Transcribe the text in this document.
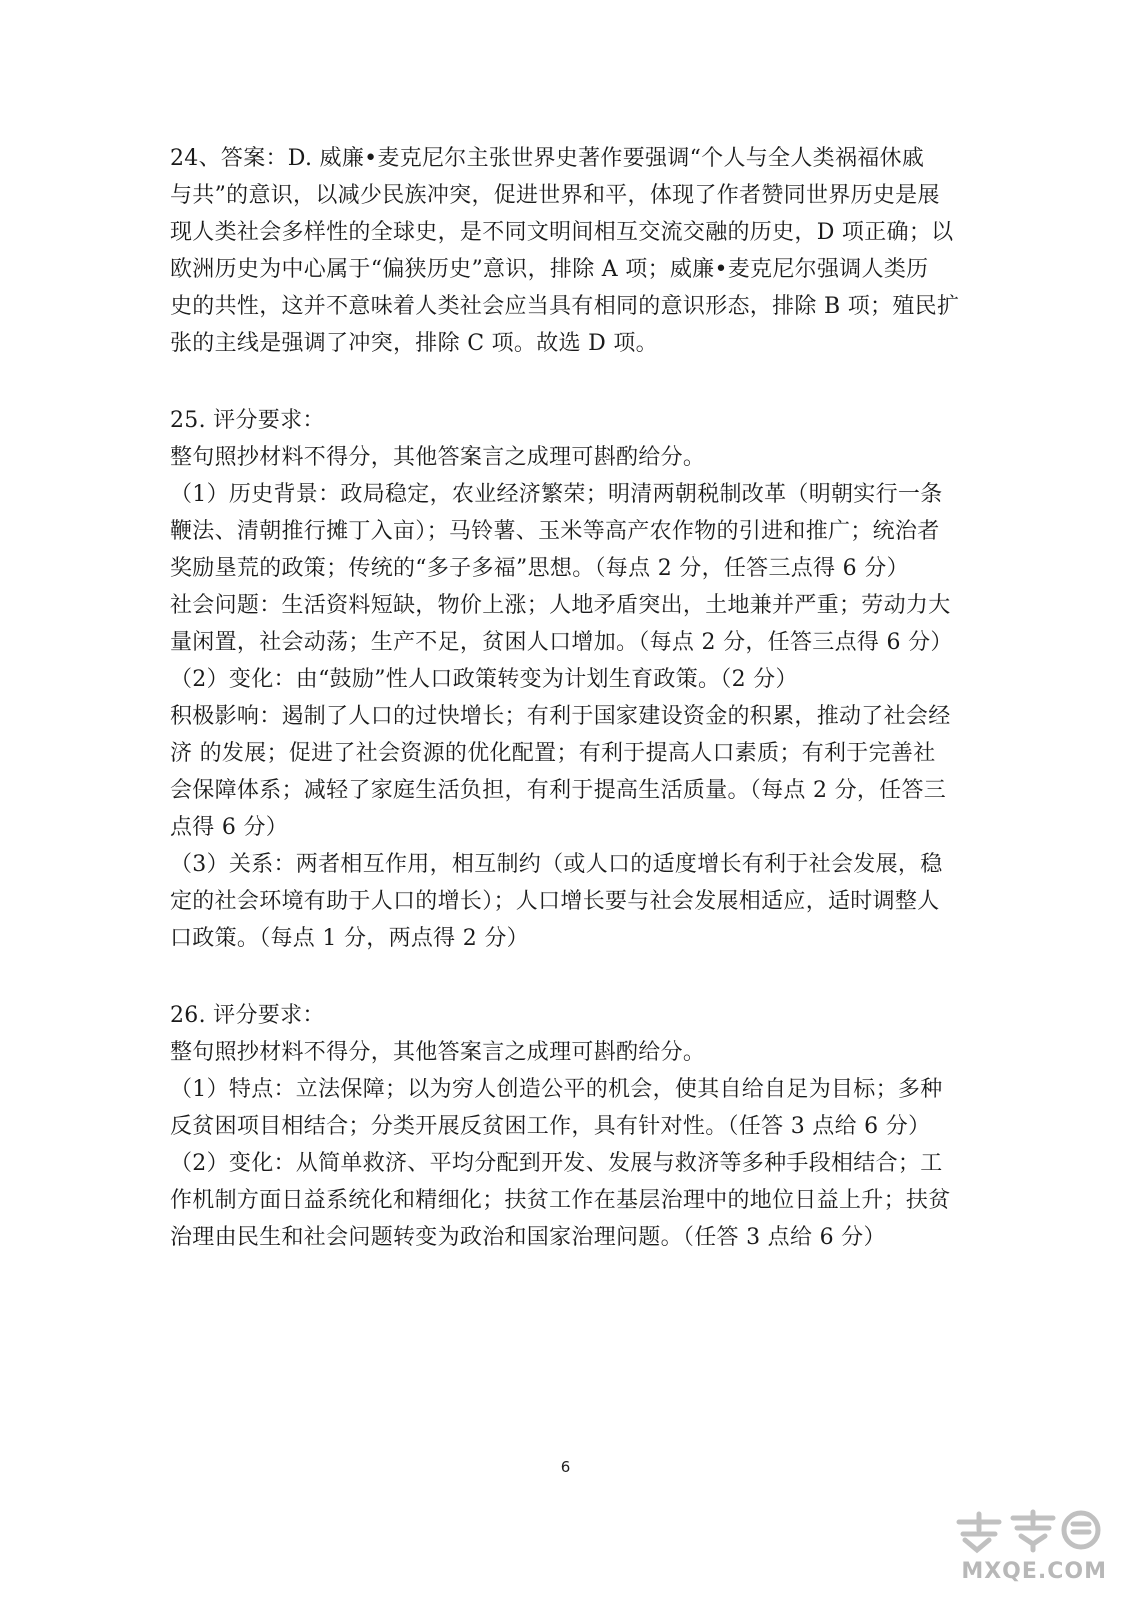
24、答案：D. 威廉•麦克尼尔主张世界史著作要强调“个人与全人类祸福休戚
与共”的意识，以减少民族冲突，促进世界和平，体现了作者赞同世界历史是展
现人类社会多样性的全球史，是不同文明间相互交流交融的历史，D 项正确；以
欧洲历史为中心属于“偏狭历史”意识，排除 A 项；威廉•麦克尼尔强调人类历
史的共性，这并不意味着人类社会应当具有相同的意识形态，排除 B 项；殖民扩
张的主线是强调了冲突，排除 C 项。故选 D 项。
25. 评分要求：
整句照抄材料不得分，其他答案言之成理可斟酌给分。
（1）历史背景：政局稳定，农业经济繁荣；明清两朝税制改革（明朝实行一条
鞭法、清朝推行摊丁入亩）；马铃薯、玉米等高产农作物的引进和推广；统治者
奖励垦荒的政策；传统的“多子多福”思想。（每点 2 分，任答三点得 6 分）
社会问题：生活资料短缺，物价上涨；人地矛盾突出，土地兼并严重；劳动力大
量闲置，社会动荡；生产不足，贫困人口增加。（每点 2 分，任答三点得 6 分）
（2）变化：由“鼓励”性人口政策转变为计划生育政策。（2 分）
积极影响：遏制了人口的过快增长；有利于国家建设资金的积累，推动了社会经
济 的发展；促进了社会资源的优化配置；有利于提高人口素质；有利于完善社
会保障体系；减轻了家庭生活负担，有利于提高生活质量。（每点 2 分，任答三
点得 6 分）
（3）关系：两者相互作用，相互制约（或人口的适度增长有利于社会发展，稳
定的社会环境有助于人口的增长）；人口增长要与社会发展相适应，适时调整人
口政策。（每点 1 分，两点得 2 分）
26. 评分要求：
整句照抄材料不得分，其他答案言之成理可斟酌给分。
（1）特点：立法保障；以为穷人创造公平的机会，使其自给自足为目标；多种
反贫困项目相结合；分类开展反贫困工作，具有针对性。（任答 3 点给 6 分）
（2）变化：从简单救济、平均分配到开发、发展与救济等多种手段相结合；工
作机制方面日益系统化和精细化；扶贫工作在基层治理中的地位日益上升；扶贫
治理由民生和社会问题转变为政治和国家治理问题。（任答 3 点给 6 分）
6
MXQE.COM
